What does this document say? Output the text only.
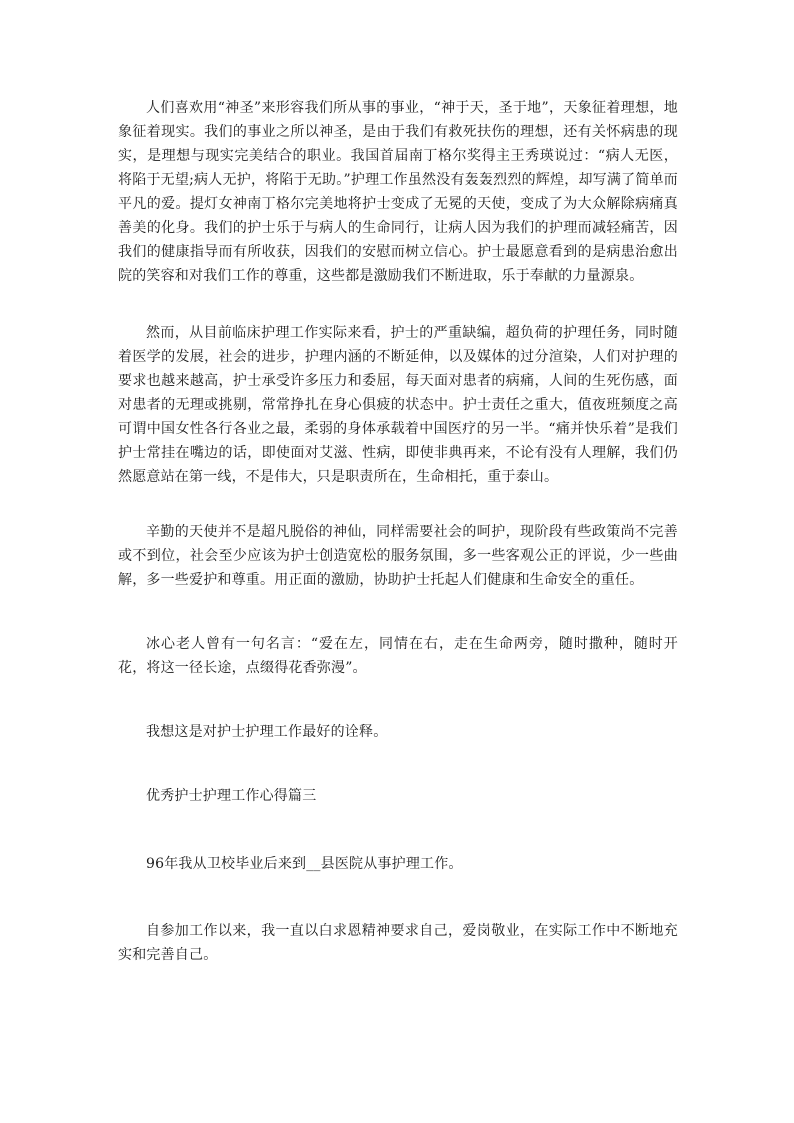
人们喜欢用“神圣”来形容我们所从事的事业，“神于天，圣于地”，天象征着理想，地象征着现实。我们的事业之所以神圣，是由于我们有救死扶伤的理想，还有关怀病患的现实，是理想与现实完美结合的职业。我国首届南丁格尔奖得主王秀瑛说过：“病人无医，将陷于无望;病人无护，将陷于无助。”护理工作虽然没有轰轰烈烈的辉煌，却写满了简单而平凡的爱。提灯女神南丁格尔完美地将护士变成了无冕的天使，变成了为大众解除病痛真善美的化身。我们的护士乐于与病人的生命同行，让病人因为我们的护理而减轻痛苦，因我们的健康指导而有所收获，因我们的安慰而树立信心。护士最愿意看到的是病患治愈出院的笑容和对我们工作的尊重，这些都是激励我们不断进取，乐于奉献的力量源泉。

然而，从目前临床护理工作实际来看，护士的严重缺编，超负荷的护理任务，同时随着医学的发展，社会的进步，护理内涵的不断延伸，以及媒体的过分渲染，人们对护理的要求也越来越高，护士承受许多压力和委屈，每天面对患者的病痛，人间的生死伤感，面对患者的无理或挑剔，常常挣扎在身心俱疲的状态中。护士责任之重大，值夜班频度之高可谓中国女性各行各业之最，柔弱的身体承载着中国医疗的另一半。“痛并快乐着”是我们护士常挂在嘴边的话，即使面对艾滋、性病，即使非典再来，不论有没有人理解，我们仍然愿意站在第一线，不是伟大，只是职责所在，生命相托，重于泰山。

辛勤的天使并不是超凡脱俗的神仙，同样需要社会的呵护，现阶段有些政策尚不完善或不到位，社会至少应该为护士创造宽松的服务氛围，多一些客观公正的评说，少一些曲解，多一些爱护和尊重。用正面的激励，协助护士托起人们健康和生命安全的重任。

冰心老人曾有一句名言：“爱在左，同情在右，走在生命两旁，随时撒种，随时开花，将这一径长途，点缀得花香弥漫”。

我想这是对护士护理工作最好的诠释。

优秀护士护理工作心得篇三

96年我从卫校毕业后来到__县医院从事护理工作。

自参加工作以来，我一直以白求恩精神要求自己，爱岗敬业，在实际工作中不断地充实和完善自己。
